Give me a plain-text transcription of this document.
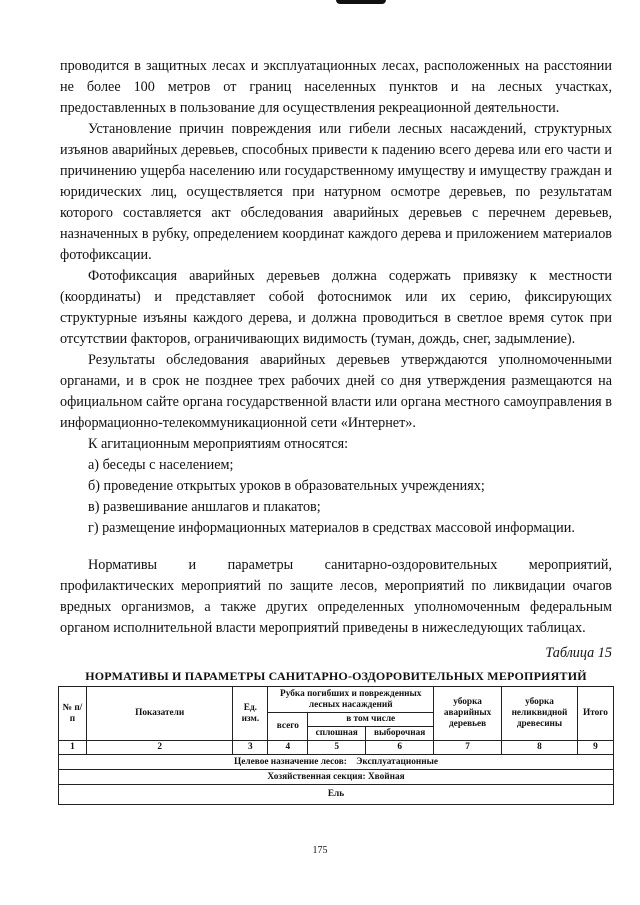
проводится в защитных лесах и эксплуатационных лесах, расположенных на расстоянии не более 100 метров от границ населенных пунктов и на лесных участках, предоставленных в пользование для осуществления рекреационной деятельности.

Установление причин повреждения или гибели лесных насаждений, структурных изъянов аварийных деревьев, способных привести к падению всего дерева или его части и причинению ущерба населению или государственному имуществу и имуществу граждан и юридических лиц, осуществляется при натурном осмотре деревьев, по результатам которого составляется акт обследования аварийных деревьев с перечнем деревьев, назначенных в рубку, определением координат каждого дерева и приложением материалов фотофиксации.

Фотофиксация аварийных деревьев должна содержать привязку к местности (координаты) и представляет собой фотоснимок или их серию, фиксирующих структурные изъяны каждого дерева, и должна проводиться в светлое время суток при отсутствии факторов, ограничивающих видимость (туман, дождь, снег, задымление).

Результаты обследования аварийных деревьев утверждаются уполномоченными органами, и в срок не позднее трех рабочих дней со дня утверждения размещаются на официальном сайте органа государственной власти или органа местного самоуправления в информационно-телекоммуникационной сети «Интернет».

К агитационным мероприятиям относятся:

а) беседы с населением;

б) проведение открытых уроков в образовательных учреждениях;

в) развешивание аншлагов и плакатов;

г) размещение информационных материалов в средствах массовой информации.

Нормативы и параметры санитарно-оздоровительных мероприятий, профилактических мероприятий по защите лесов, мероприятий по ликвидации очагов вредных организмов, а также других определенных уполномоченным федеральным органом исполнительной власти мероприятий приведены в нижеследующих таблицах.

Таблица 15
НОРМАТИВЫ И ПАРАМЕТРЫ САНИТАРНО-ОЗДОРОВИТЕЛЬНЫХ МЕРОПРИЯТИЙ
№ п/п	Показатели	Ед. изм.	Рубка погибших и поврежденных лесных насаждений			уборка аварийных деревьев	уборка неликвидной древесины	Итого
			всего	в том числе				
				сплошная	выборочная			
1	2	3	4	5	6	7	8	9
Целевое назначение лесов:    Эксплуатационные								
Хозяйственная секция: Хвойная								
Ель								
175
